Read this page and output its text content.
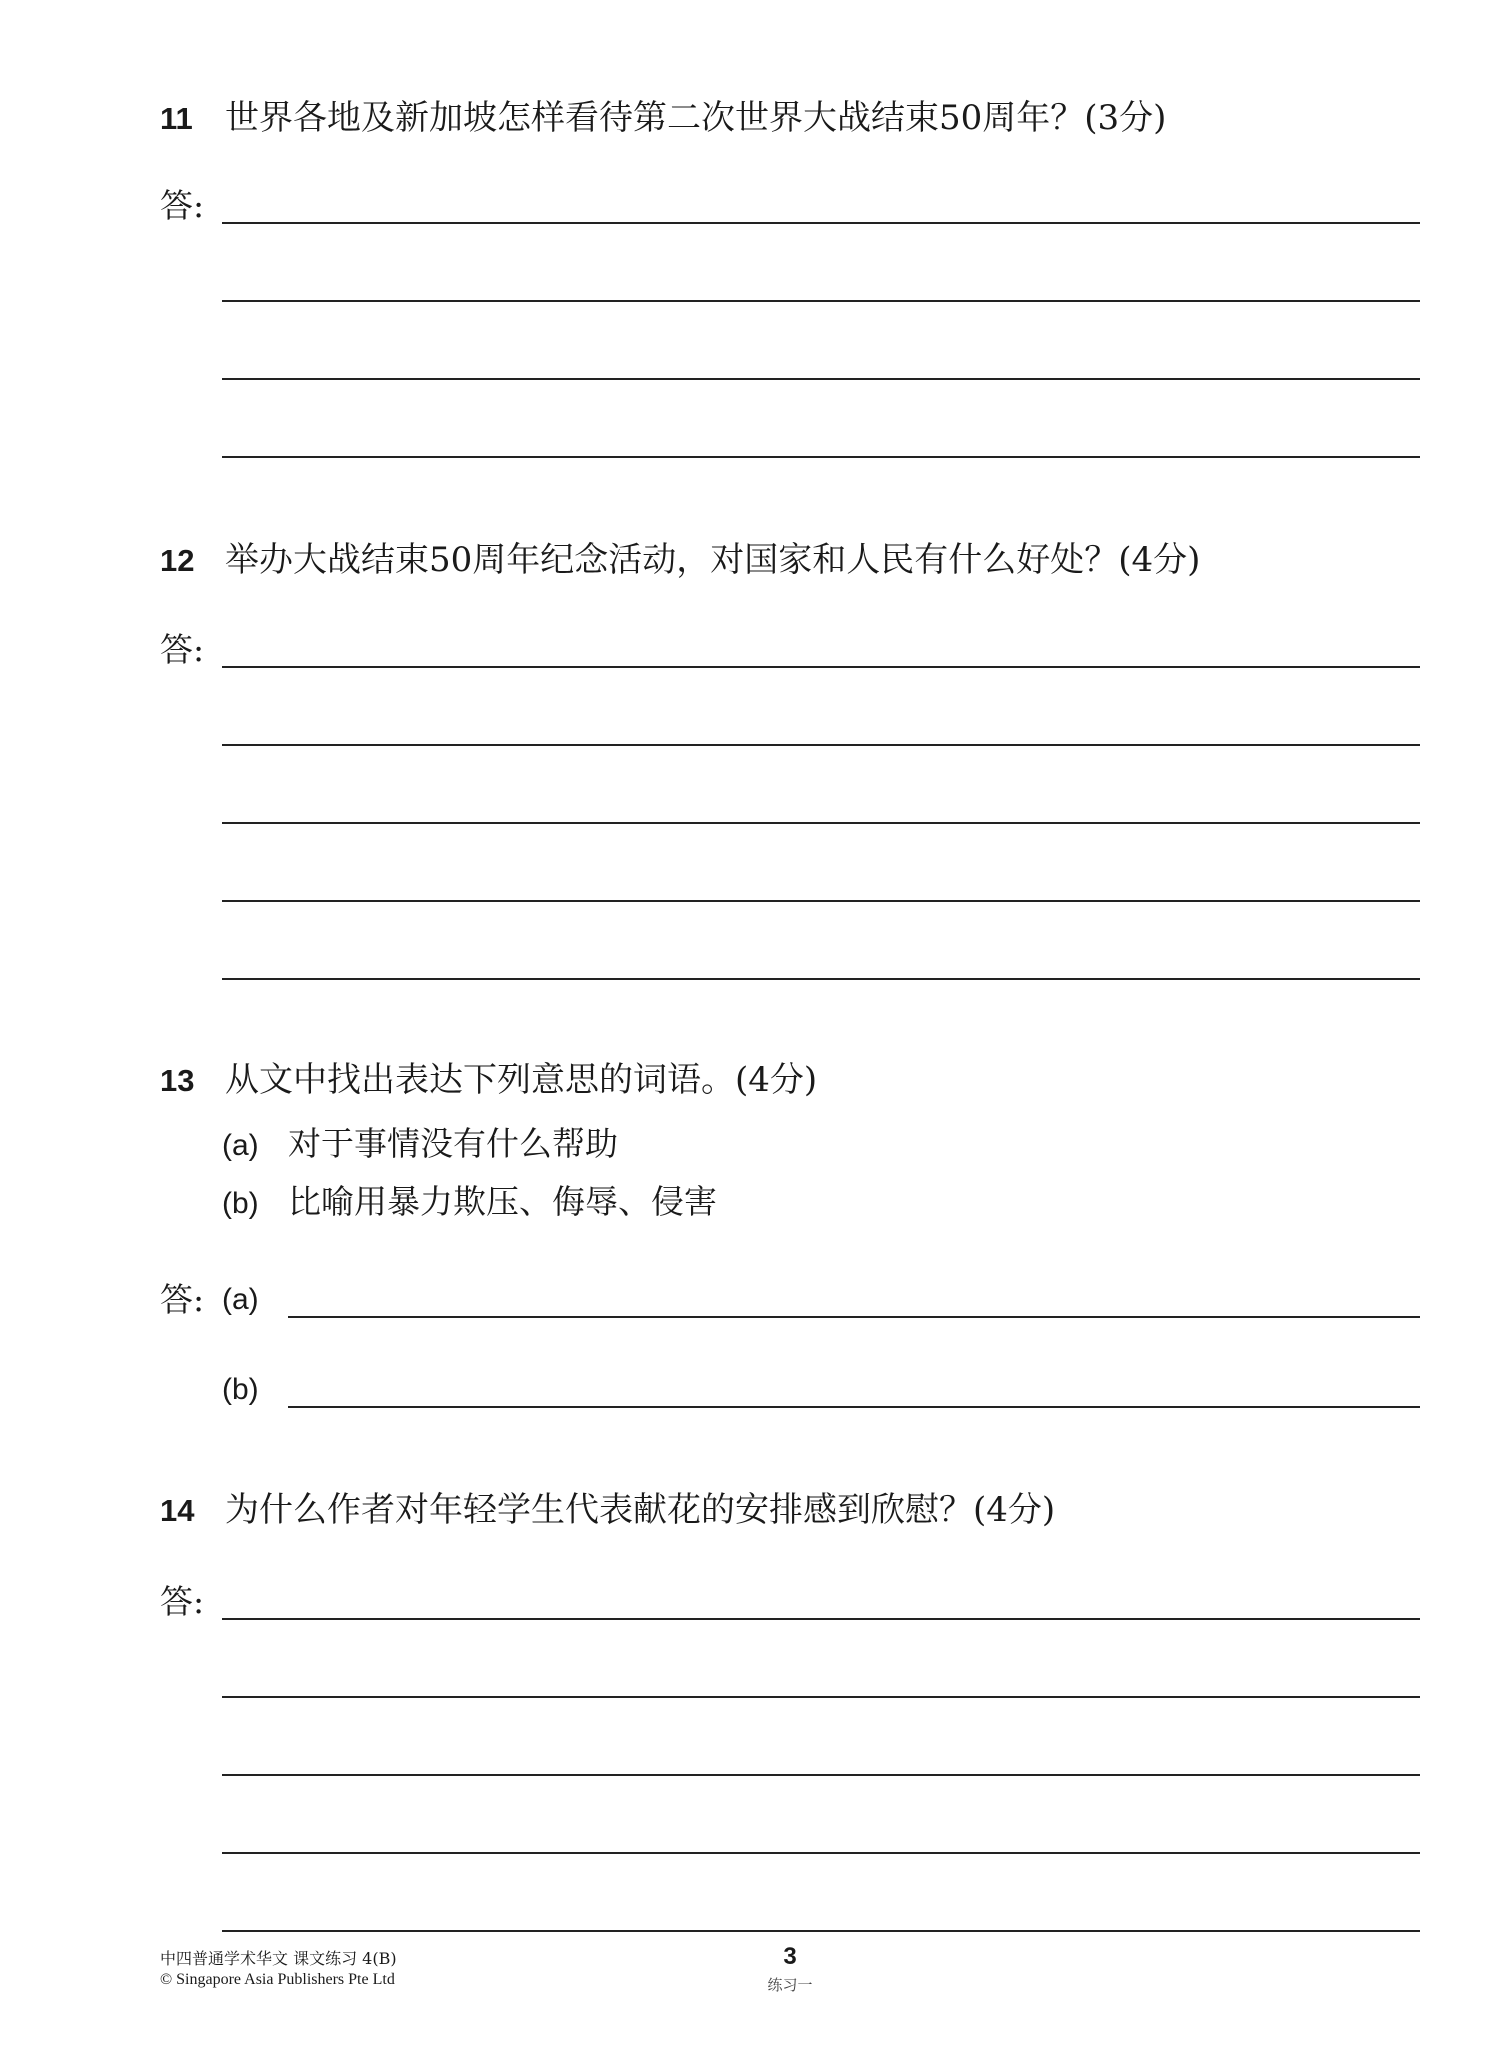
11 世界各地及新加坡怎样看待第二次世界大战结束50周年？(3分)
答:
12 举办大战结束50周年纪念活动，对国家和人民有什么好处？(4分)
答:
13 从文中找出表达下列意思的词语。(4分)
(a) 对于事情没有什么帮助
(b) 比喻用暴力欺压、侮辱、侵害
答: (a)
(b)
14 为什么作者对年轻学生代表献花的安排感到欣慰？(4分)
答:
中四普通学术华文 课文练习 4(B)
© Singapore Asia Publishers Pte Ltd
3
练习一
